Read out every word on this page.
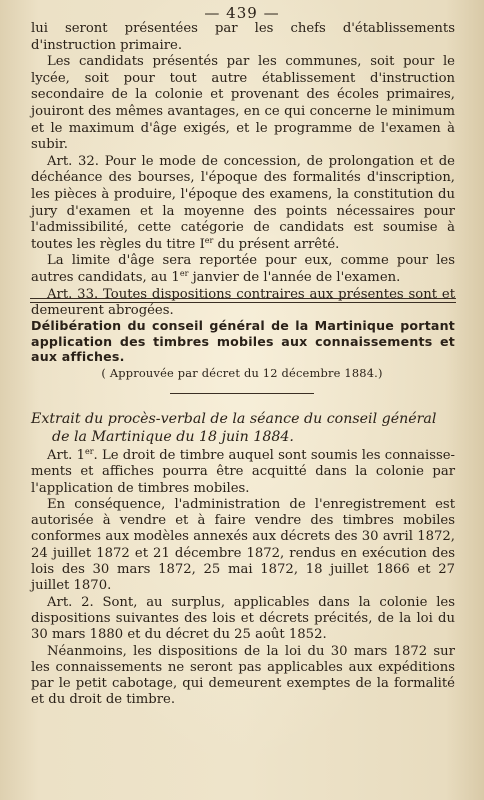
— 439 —

lui seront présentées par les chefs d'établissements d'instruction primaire.

Les candidats présentés par les communes, soit pour le lycée, soit pour tout autre établissement d'instruction secondaire de la colonie et provenant des écoles primaires, jouiront des mêmes avantages, en ce qui concerne le minimum et le maximum d'âge exigés, et le programme de l'examen à subir.

Art. 32. Pour le mode de concession, de prolongation et de déchéance des bourses, l'époque des formalités d'inscription, les pièces à produire, l'époque des examens, la constitution du jury d'examen et la moyenne des points nécessaires pour l'admissibilité, cette catégorie de candidats est soumise à toutes les règles du titre Ier du présent arrêté.

La limite d'âge sera reportée pour eux, comme pour les autres candidats, au 1er janvier de l'année de l'examen.

Art. 33. Toutes dispositions contraires aux présentes sont et demeurent abrogées.

Délibération du conseil général de la Martinique portant application des timbres mobiles aux connaissements et aux affiches.
( Approuvée par décret du 12 décembre 1884.)
Extrait du procès-verbal de la séance du conseil général
de la Martinique du 18 juin 1884.

Art. 1er. Le droit de timbre auquel sont soumis les connaissements et affiches pourra être acquitté dans la colonie par l'application de timbres mobiles.

En conséquence, l'administration de l'enregistrement est autorisée à vendre et à faire vendre des timbres mobiles conformes aux modèles annexés aux décrets des 30 avril 1872, 24 juillet 1872 et 21 décembre 1872, rendus en exécution des lois des 30 mars 1872, 25 mai 1872, 18 juillet 1866 et 27 juillet 1870.

Art. 2. Sont, au surplus, applicables dans la colonie les dispositions suivantes des lois et décrets précités, de la loi du 30 mars 1880 et du décret du 25 août 1852.

Néanmoins, les dispositions de la loi du 30 mars 1872 sur les connaissements ne seront pas applicables aux expéditions par le petit cabotage, qui demeurent exemptes de la formalité et du droit de timbre.
